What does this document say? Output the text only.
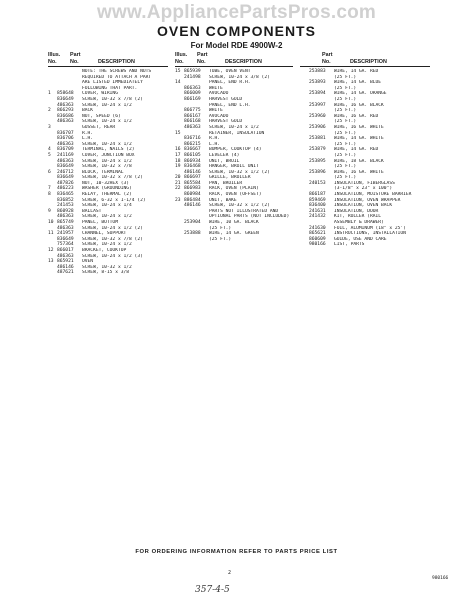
www.AppliancePartsPros.com
OVEN COMPONENTS
For Model RDE 4900W-2
Illus.	Part
No.	No.	DESCRIPTION
NOTE: THE SCREWS AND NUTS
REQUIRED TO ATTACH A PART
ARE LISTED IMMEDIATELY
FOLLOWING THAT PART.
1	858648	COVER, WIRING
836649	SCREW, 10-32 x 7/8 (2)
486363	SCREW, 10-24 x 1/2
2	866293	BACK
836686	NUT, SPEED (6)
486363	SCREW, 10-24 x 1/2
3	GUSSET, REAR
836707	R.H.
836706	L.H.
486363	SCREW, 10-24 x 1/2
4	836709	TERMINAL, NAILS (2)
5	241169	COVER, JUNCTION BOX
486363	SCREW, 10-24 x 1/2
836649	SCREW, 10-32 x 7/8
6	246712	BLOCK, TERMINAL
836649	SCREW, 10-32 x 7/8 (2)
487826	NUT, 10-32HEX (3)
7	486223	WASHER (GROUNDING)
8	836465	RELAY, THERMAL (2)
836852	SCREW, 6-32 x 1-1/4 (2)
241453	SCREW, 10-24 x 1/4
9	860928	BALLAST
486363	SCREW, 10-24 x 1/2
10 865749	PANEL, BOTTOM
486363	SCREW, 10-24 x 1/2 (2)
11 241957	CHANNEL, SUPPORT
836649	SCREW, 10-32 x 7/8 (2)
757364	SCREW, 10-24 x 1/2
12 866017	BRACKET, COOKTOP
486363	SCREW, 10-24 x 1/2 (3)
13 865921	OVEN
486146	SCREW, 10-32 x 1/2
487621	SCREW, 8-15 x 3/8
Illus.	Part
No.	No.	DESCRIPTION
15 865939	TUBE, OVEN VENT
241498	SCREW, 10-24 x 3/8 (2)
14	PANEL, END R.H.
866363	WHITE
866009	AVOCADO
866169	HARVEST GOLD
PANEL, END L.H.
866775	WHITE
866167	AVOCADO
866168	HARVEST GOLD
486363	SCREW, 10-24 x 1/2
15	RETAINER, INSULATION
836716	R.H.
866215	L.H.
16 836667	BUMPER, COOKTOP (4)
17 866105	LEVELER (4)
18 866934	UNIT, BROIL
19 836468	HANGER, BROIL UNIT
486146	SCREW, 10-32 x 1/2 (2)
20 866697	GRILLE, BROILER
21 865584	PAN, BROILER
22 866983	RACK, OVEN (PLAIN)
860984	RACK, OVEN (OFFSET)
23 886484	UNIT, BAKE
486146	SCREW, 10-32 x 1/2 (2)
PARTS NOT ILLUSTRATED AND
OPTIONAL PARTS (NOT INCLUDED)
253904	WIRE, 10 GA. BLACK
(25 FT.)
253888	WIRE, 14 GA. GREEN
(25 FT.)
Part
No.	DESCRIPTION
253883	WIRE, 14 GA. RED
(25 FT.)
253893	WIRE, 14 GA. BLUE
(25 FT.)
253894	WIRE, 14 GA. ORANGE
(25 FT.)
253997	WIRE, 16 GA. BLACK
(25 FT.)
253960	WIRE, 16 GA. RED
(25 FT.)
253906	WIRE, 16 GA. WHITE
(25 FT.)
253881	WIRE, 14 GA. WHITE
(25 FT.)
253879	WIRE, 14 GA. RED
(25 FT.)
253895	WIRE, 18 GA. BLACK
(25 FT.)
253896	WIRE, 16 GA. WHITE
(25 FT.)
240153	INSULATION, FIBERGLASS
(3-1/8" x 23" x 100")
866187	INSULATION, MOISTURE BARRIER
859469	INSULATION, OVEN WRAPPER
836400	INSULATION, OVEN BACK
241631	INSULATION, DOOR
241432	KIT, ROLLER (RAIL
ASSEMBLY & DRAWER)
241630	FOIL, ALUMINUM (18" x 25')
865621	INSTRUCTIONS, INSTALLATION
860609	GUIDE, USE AND CARE
980166	LIST, PARTS
FOR ORDERING INFORMATION REFER TO PARTS PRICE LIST
2
980166
357-4-5
